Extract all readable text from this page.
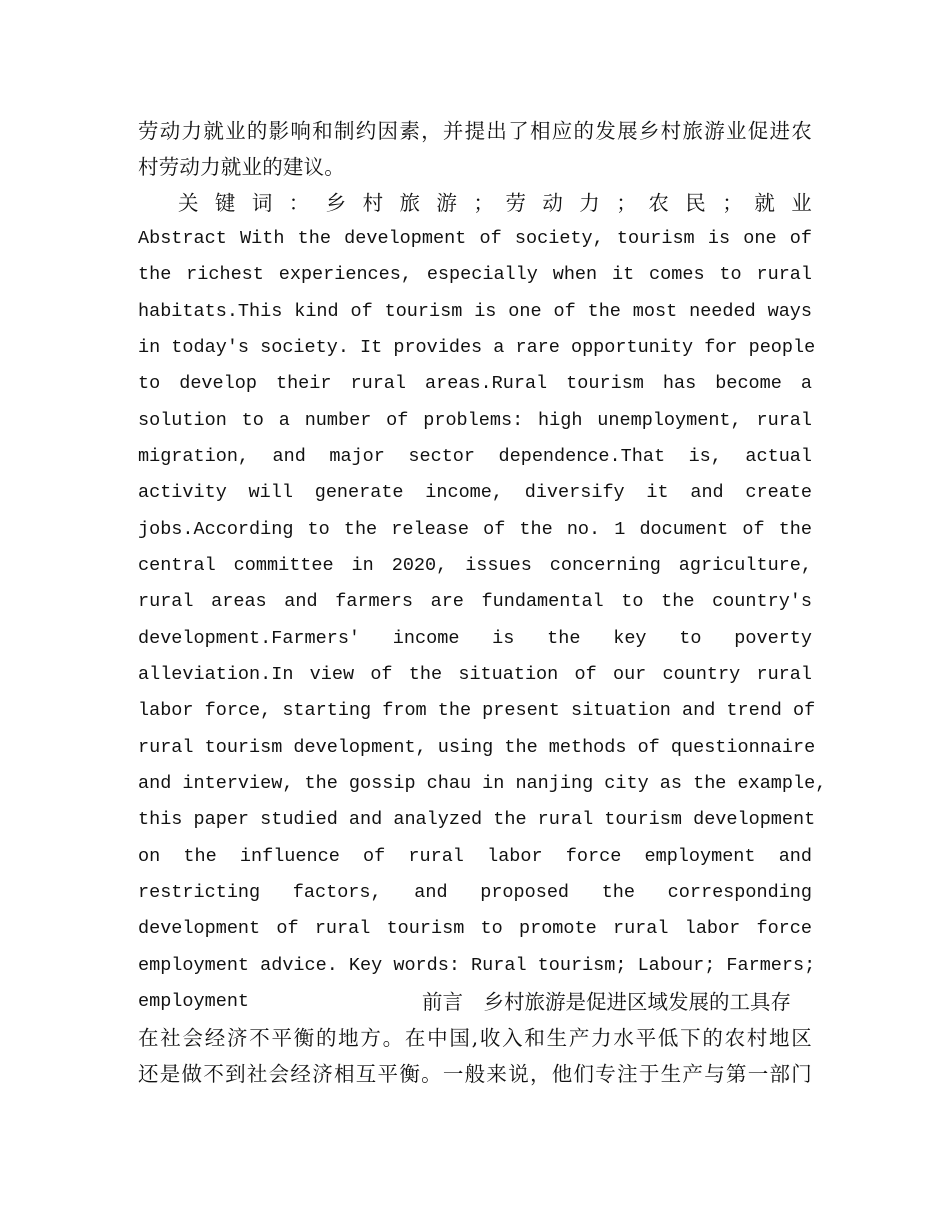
劳动力就业的影响和制约因素，并提出了相应的发展乡村旅游业促进农
村劳动力就业的建议。
关 键 词 ： 乡 村 旅 游 ； 劳 动 力 ； 农 民 ； 就 业
Abstract With the development of society, tourism is one of
the richest experiences, especially when it comes to rural
habitats.This kind of tourism is one of the most needed ways
in today′s society. It provides a rare opportunity for people
to develop their rural areas.Rural tourism has become a
solution to a number of problems: high unemployment, rural
migration, and major sector dependence.That is, actual
activity will generate income, diversify it and create
jobs.According to the release of the no. 1 document of the
central committee in 2020, issues concerning agriculture,
rural areas and farmers are fundamental to the country′s
development.Farmers′ income is the key to poverty
alleviation.In view of the situation of our country rural
labor force, starting from the present situation and trend of
rural tourism development, using the methods of questionnaire
and interview, the gossip chau in nanjing city as the example,
this paper studied and analyzed the rural tourism development
on the influence of rural labor force employment and
restricting factors, and proposed the corresponding
development of rural tourism to promote rural labor force
employment advice. Key words: Rural tourism; Labour; Farmers;
employment	前言　乡村旅游是促进区域发展的工具存
在社会经济不平衡的地方。在中国,收入和生产力水平低下的农村地区
还是做不到社会经济相互平衡。一般来说，他们专注于生产与第一部门
